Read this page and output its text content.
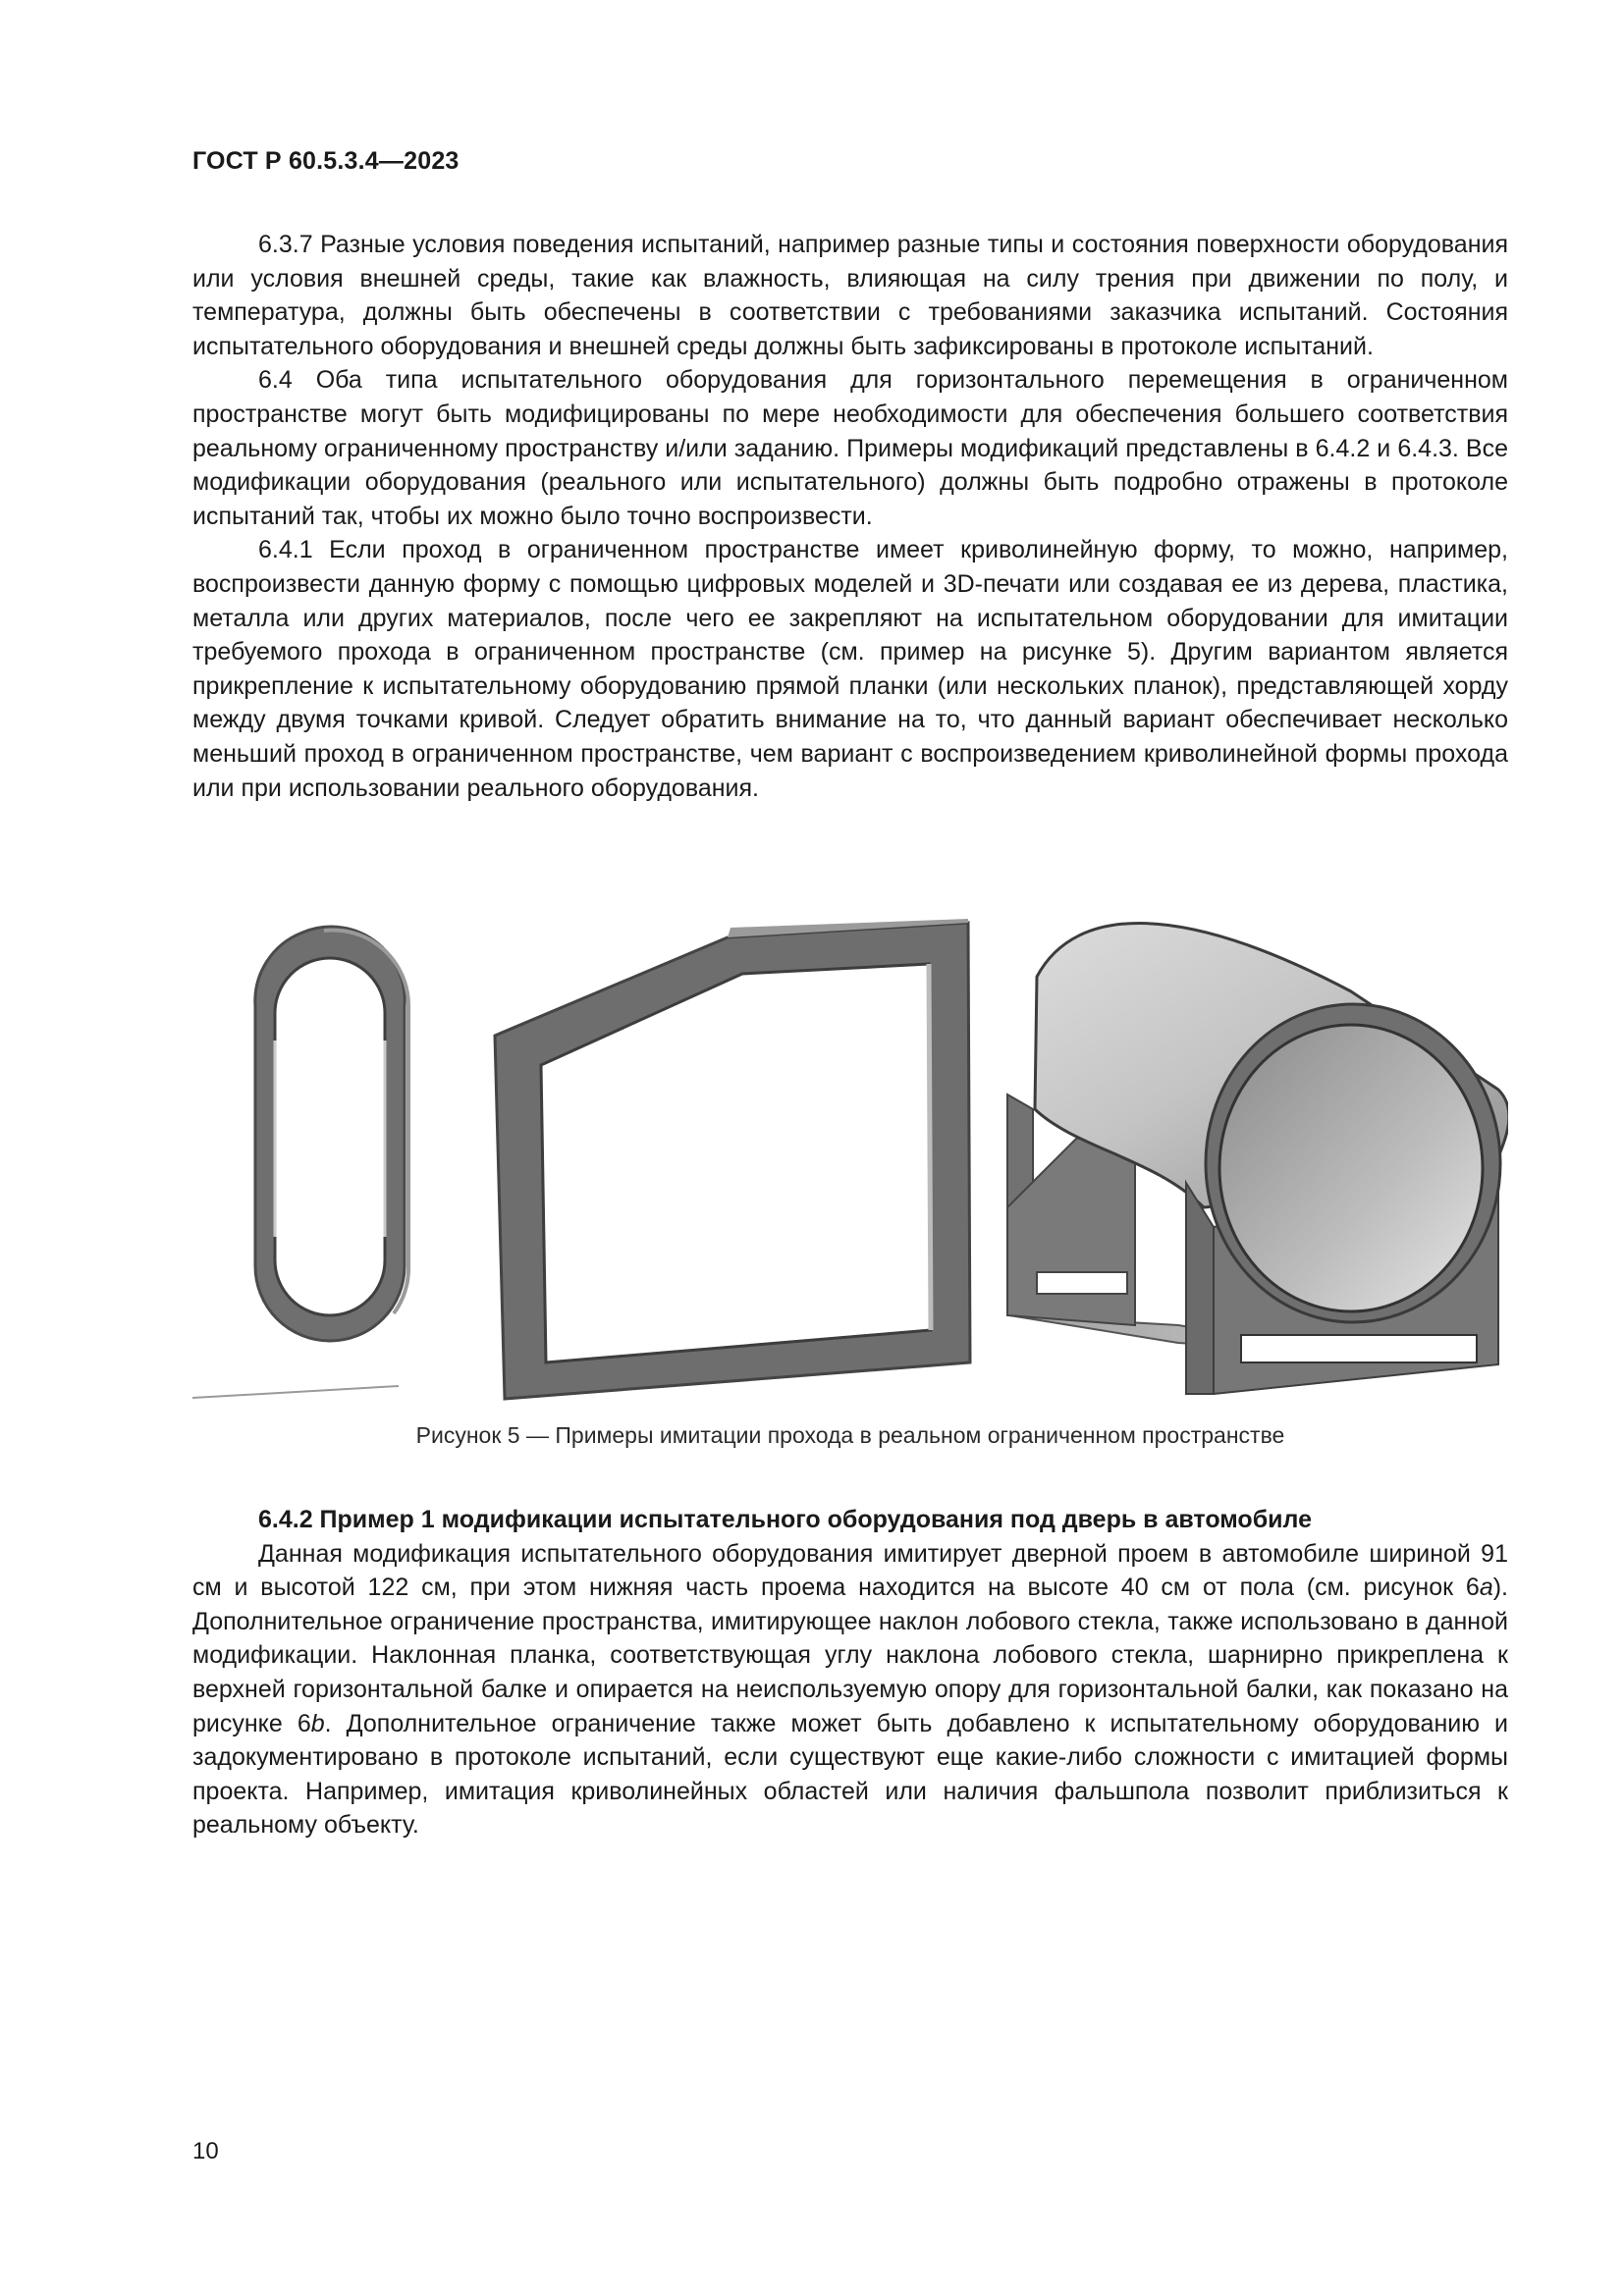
ГОСТ Р 60.5.3.4—2023

6.3.7 Разные условия поведения испытаний, например разные типы и состояния поверхности оборудования или условия внешней среды, такие как влажность, влияющая на силу трения при движении по полу, и температура, должны быть обеспечены в соответствии с требованиями заказчика испытаний. Состояния испытательного оборудования и внешней среды должны быть зафиксированы в протоколе испытаний.

6.4 Оба типа испытательного оборудования для горизонтального перемещения в ограниченном пространстве могут быть модифицированы по мере необходимости для обеспечения большего соответствия реальному ограниченному пространству и/или заданию. Примеры модификаций представлены в 6.4.2 и 6.4.3. Все модификации оборудования (реального или испытательного) должны быть подробно отражены в протоколе испытаний так, чтобы их можно было точно воспроизвести.

6.4.1 Если проход в ограниченном пространстве имеет криволинейную форму, то можно, например, воспроизвести данную форму с помощью цифровых моделей и 3D-печати или создавая ее из дерева, пластика, металла или других материалов, после чего ее закрепляют на испытательном оборудовании для имитации требуемого прохода в ограниченном пространстве (см. пример на рисунке 5). Другим вариантом является прикрепление к испытательному оборудованию прямой планки (или нескольких планок), представляющей хорду между двумя точками кривой. Следует обратить внимание на то, что данный вариант обеспечивает несколько меньший проход в ограниченном пространстве, чем вариант с воспроизведением криволинейной формы прохода или при использовании реального оборудования.

Рисунок 5 — Примеры имитации прохода в реальном ограниченном пространстве

6.4.2 Пример 1 модификации испытательного оборудования под дверь в автомобиле

Данная модификация испытательного оборудования имитирует дверной проем в автомобиле шириной 91 см и высотой 122 см, при этом нижняя часть проема находится на высоте 40 см от пола (см. рисунок 6а). Дополнительное ограничение пространства, имитирующее наклон лобового стекла, также использовано в данной модификации. Наклонная планка, соответствующая углу наклона лобового стекла, шарнирно прикреплена к верхней горизонтальной балке и опирается на неиспользуемую опору для горизонтальной балки, как показано на рисунке 6b. Дополнительное ограничение также может быть добавлено к испытательному оборудованию и задокументировано в протоколе испытаний, если существуют еще какие-либо сложности с имитацией формы проекта. Например, имитация криволинейных областей или наличия фальшпола позволит приблизиться к реальному объекту.

10
